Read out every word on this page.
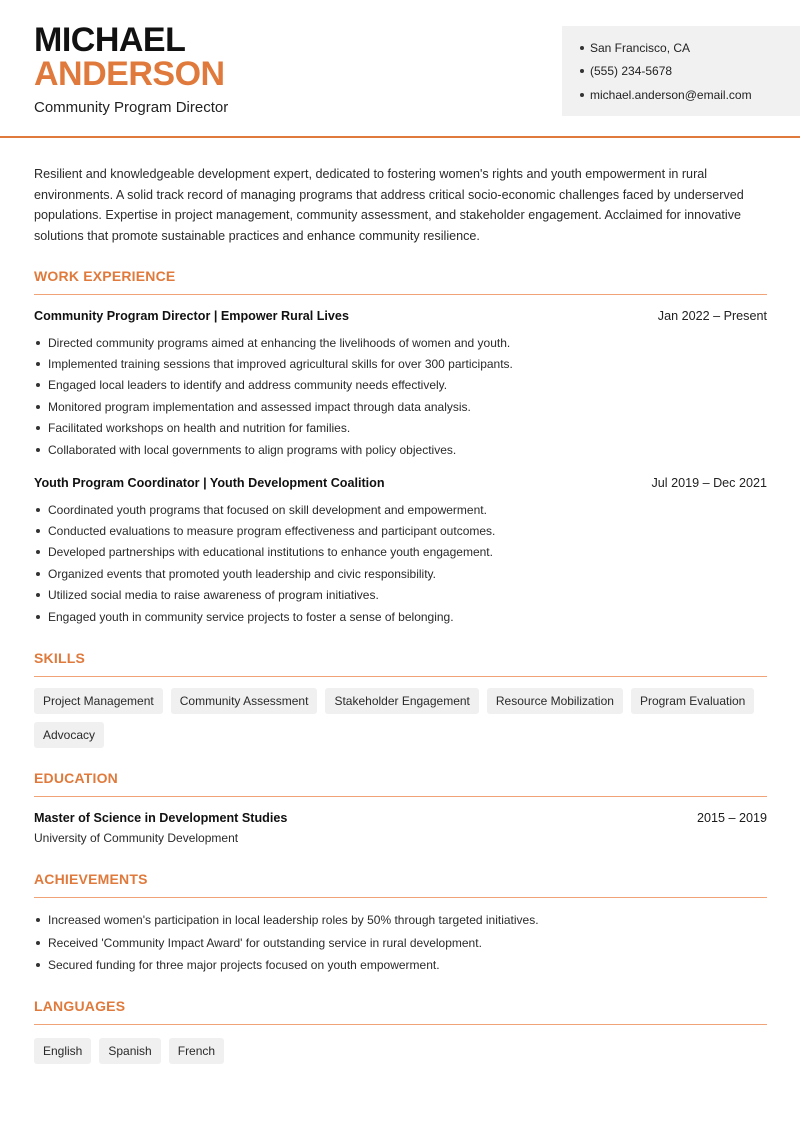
MICHAEL
ANDERSON
Community Program Director
San Francisco, CA
(555) 234-5678
michael.anderson@email.com

Resilient and knowledgeable development expert, dedicated to fostering women's rights and youth empowerment in rural environments. A solid track record of managing programs that address critical socio-economic challenges faced by underserved populations. Expertise in project management, community assessment, and stakeholder engagement. Acclaimed for innovative solutions that promote sustainable practices and enhance community resilience.

WORK EXPERIENCE
Community Program Director | Empower Rural Lives	Jan 2022 – Present
Directed community programs aimed at enhancing the livelihoods of women and youth.
Implemented training sessions that improved agricultural skills for over 300 participants.
Engaged local leaders to identify and address community needs effectively.
Monitored program implementation and assessed impact through data analysis.
Facilitated workshops on health and nutrition for families.
Collaborated with local governments to align programs with policy objectives.
Youth Program Coordinator | Youth Development Coalition	Jul 2019 – Dec 2021
Coordinated youth programs that focused on skill development and empowerment.
Conducted evaluations to measure program effectiveness and participant outcomes.
Developed partnerships with educational institutions to enhance youth engagement.
Organized events that promoted youth leadership and civic responsibility.
Utilized social media to raise awareness of program initiatives.
Engaged youth in community service projects to foster a sense of belonging.
SKILLS
Project Management	Community Assessment	Stakeholder Engagement	Resource Mobilization	Program Evaluation
Advocacy
EDUCATION
Master of Science in Development Studies	2015 – 2019
University of Community Development
ACHIEVEMENTS
Increased women's participation in local leadership roles by 50% through targeted initiatives.
Received 'Community Impact Award' for outstanding service in rural development.
Secured funding for three major projects focused on youth empowerment.
LANGUAGES
English	Spanish	French
